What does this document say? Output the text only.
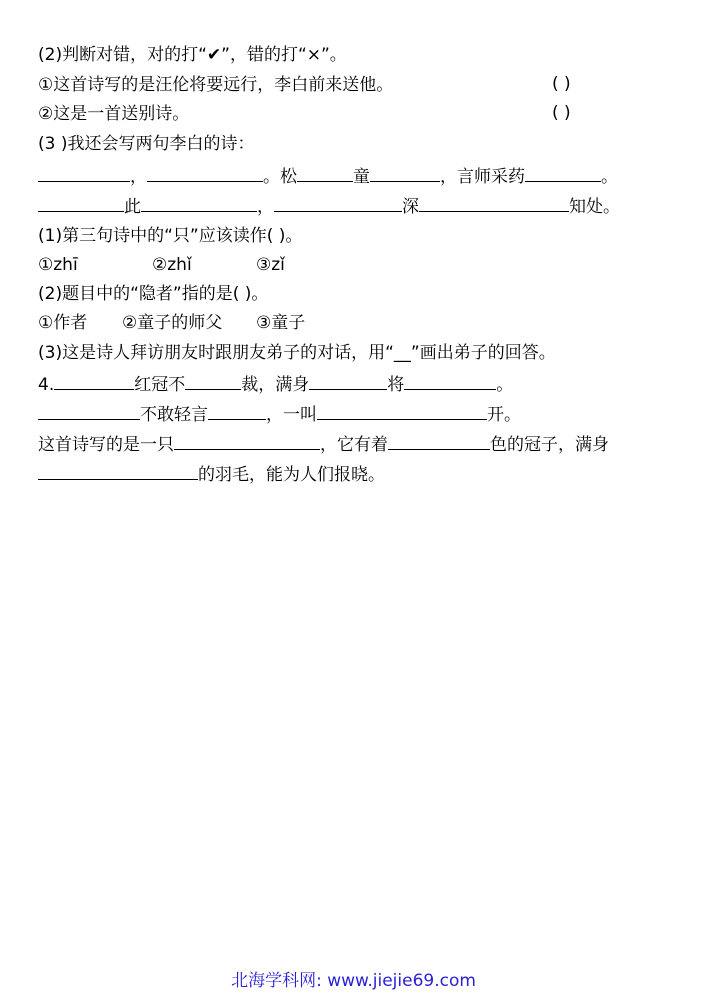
(2)判断对错，对的打“✔”，错的打“×”。
①这首诗写的是汪伦将要远行，李白前来送他。	( )
②这是一首送别诗。	( )
(3 )我还会写两句李白的诗：
，	。松	童	，言师采药	。
此	，	深	知处。
(1)第三句诗中的“只”应该读作( )。
①zhī	②zhǐ	③zǐ
(2)题目中的“隐者”指的是( )。
①作者 ②童子的师父 ③童子
(3)这是诗人拜访朋友时跟朋友弟子的对话，用“__”画出弟子的回答。
4.	红冠不	裁，满身	将	。
不敢轻言	，一叫	开。
这首诗写的是一只	，它有着	色的冠子，满身
的羽毛，能为人们报晓。
北海学科网: www.jiejie69.com
